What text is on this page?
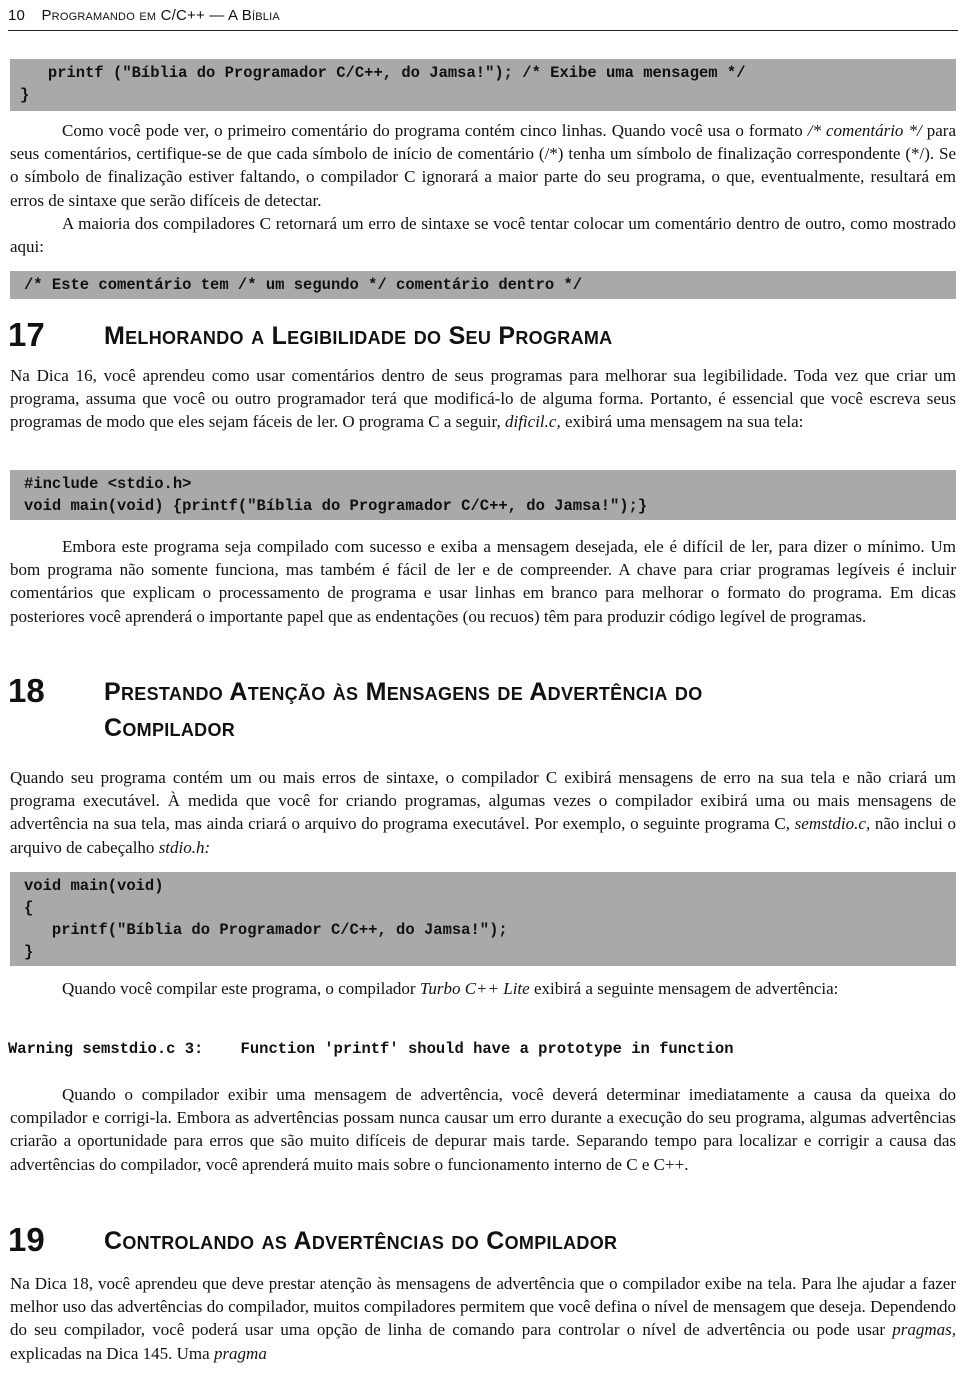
10 Programando em C/C++ — A Bíblia

printf ("Bíblia do Programador C/C++, do Jamsa!"); /* Exibe uma mensagem */

}

Como você pode ver, o primeiro comentário do programa contém cinco linhas. Quando você usa o formato /* comentário */ para seus comentários, certifique-se de que cada símbolo de início de comentário (/*) tenha um símbolo de finalização correspondente (*/). Se o símbolo de finalização estiver faltando, o compilador C ignorará a maior parte do seu programa, o que, eventualmente, resultará em erros de sintaxe que serão difíceis de detectar.

A maioria dos compiladores C retornará um erro de sintaxe se você tentar colocar um comentário dentro de outro, como mostrado aqui:

/* Este comentário tem /* um segundo */ comentário dentro */

17 Melhorando a Legibilidade do Seu Programa

Na Dica 16, você aprendeu como usar comentários dentro de seus programas para melhorar sua legibilidade. Toda vez que criar um programa, assuma que você ou outro programador terá que modificá-lo de alguma forma. Portanto, é essencial que você escreva seus programas de modo que eles sejam fáceis de ler. O programa C a seguir, dificil.c, exibirá uma mensagem na sua tela:

#include <stdio.h>

void main(void) {printf("Bíblia do Programador C/C++, do Jamsa!");}

Embora este programa seja compilado com sucesso e exiba a mensagem desejada, ele é difícil de ler, para dizer o mínimo. Um bom programa não somente funciona, mas também é fácil de ler e de compreender. A chave para criar programas legíveis é incluir comentários que explicam o processamento de programa e usar linhas em branco para melhorar o formato do programa. Em dicas posteriores você aprenderá o importante papel que as endentações (ou recuos) têm para produzir código legível de programas.

18 Prestando Atenção às Mensagens de Advertência do
Compilador

Quando seu programa contém um ou mais erros de sintaxe, o compilador C exibirá mensagens de erro na sua tela e não criará um programa executável. À medida que você for criando programas, algumas vezes o compilador exibirá uma ou mais mensagens de advertência na sua tela, mas ainda criará o arquivo do programa executável. Por exemplo, o seguinte programa C, semstdio.c, não inclui o arquivo de cabeçalho stdio.h:

void main(void)

{

printf("Bíblia do Programador C/C++, do Jamsa!");

}

Quando você compilar este programa, o compilador Turbo C++ Lite exibirá a seguinte mensagem de advertência:

Warning semstdio.c 3:    Function 'printf' should have a prototype in function

Quando o compilador exibir uma mensagem de advertência, você deverá determinar imediatamente a causa da queixa do compilador e corrigi-la. Embora as advertências possam nunca causar um erro durante a execução do seu programa, algumas advertências criarão a oportunidade para erros que são muito difíceis de depurar mais tarde. Separando tempo para localizar e corrigir a causa das advertências do compilador, você aprenderá muito mais sobre o funcionamento interno de C e C++.

19 Controlando as Advertências do Compilador

Na Dica 18, você aprendeu que deve prestar atenção às mensagens de advertência que o compilador exibe na tela. Para lhe ajudar a fazer melhor uso das advertências do compilador, muitos compiladores permitem que você defina o nível de mensagem que deseja. Dependendo do seu compilador, você poderá usar uma opção de linha de comando para controlar o nível de advertência ou pode usar pragmas, explicadas na Dica 145. Uma pragma
